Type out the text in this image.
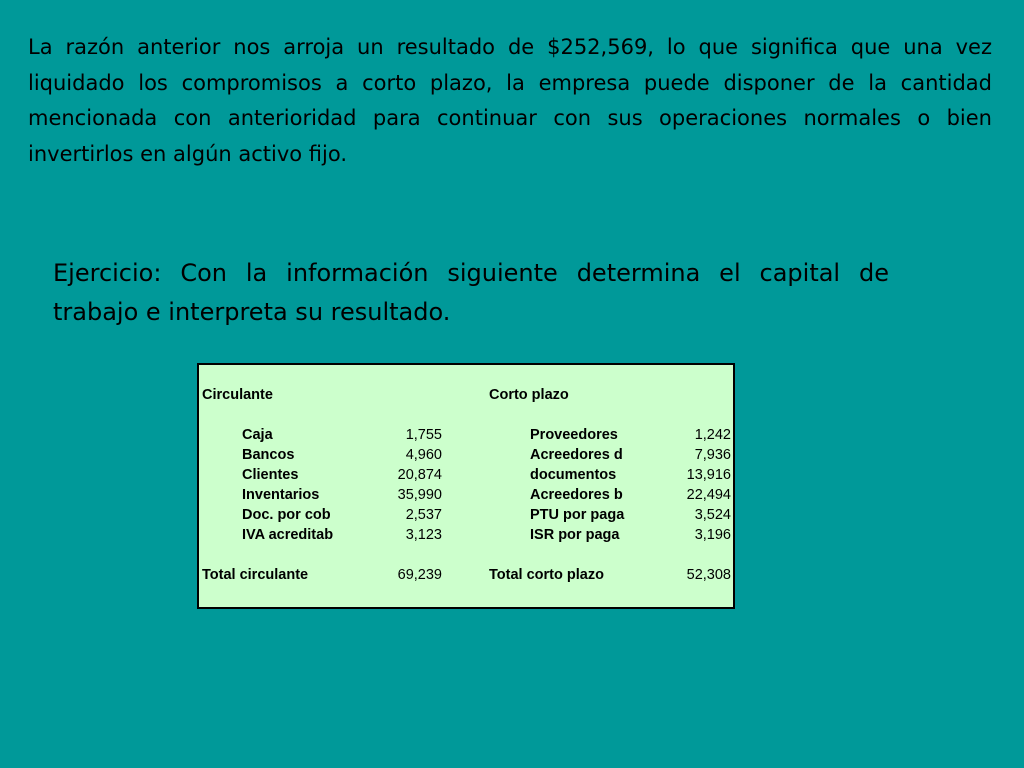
La razón anterior nos arroja un resultado de $252,569, lo que significa que una vez liquidado los compromisos a corto plazo, la empresa puede disponer de la cantidad mencionada con anterioridad para continuar con sus operaciones normales o bien invertirlos en algún activo fijo.

Ejercicio: Con la información siguiente determina el capital de trabajo e interpreta su resultado.

Circulante	Corto plazo
Caja	1,755	Proveedores	1,242
Bancos	4,960	Acreedores d	7,936
Clientes	20,874	documentos	13,916
Inventarios	35,990	Acreedores b	22,494
Doc. por cob	2,537	PTU por paga	3,524
IVA acreditab	3,123	ISR por paga	3,196
Total circulante	69,239	Total corto plazo	52,308
